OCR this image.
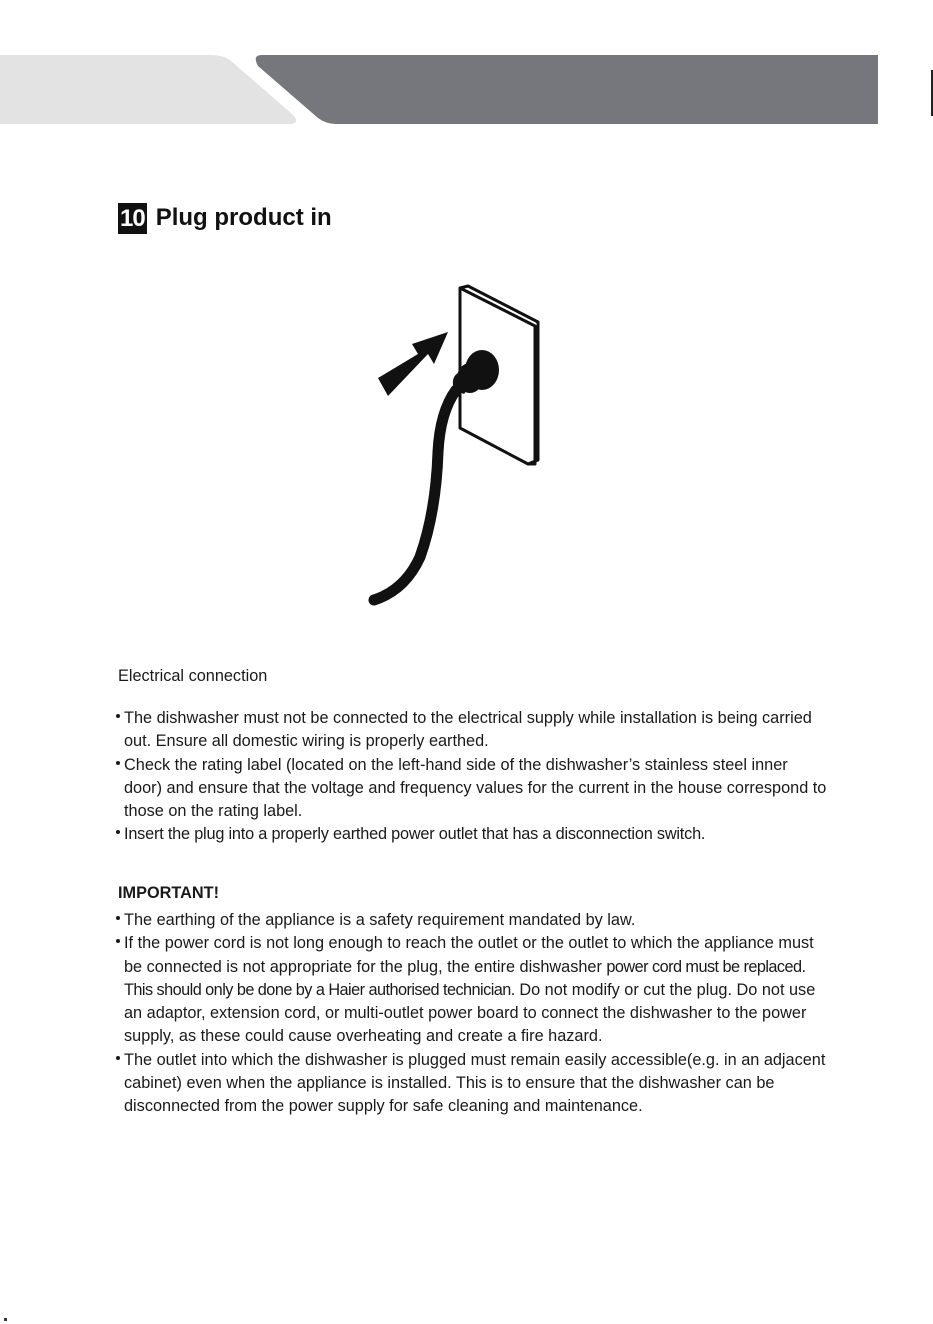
10 Plug product in
Electrical connection
The dishwasher must not be connected to the electrical supply while installation is being carried out. Ensure all domestic wiring is properly earthed.
Check the rating label (located on the left-hand side of the dishwasher’s stainless steel inner door) and ensure that the voltage and frequency values for the current in the house correspond to those on the rating label.
Insert the plug into a properly earthed power outlet that has a disconnection switch.
IMPORTANT!
The earthing of the appliance is a safety requirement mandated by law.
If the power cord is not long enough to reach the outlet or the outlet to which the appliance must be connected is not appropriate for the plug, the entire dishwasher power cord must be replaced. This should only be done by a Haier authorised technician. Do not modify or cut the plug. Do not use an adaptor, extension cord, or multi-outlet power board to connect the dishwasher to the power supply, as these could cause overheating and create a fire hazard.
The outlet into which the dishwasher is plugged must remain easily accessible(e.g. in an adjacent cabinet) even when the appliance is installed. This is to ensure that the dishwasher can be disconnected from the power supply for safe cleaning and maintenance.
